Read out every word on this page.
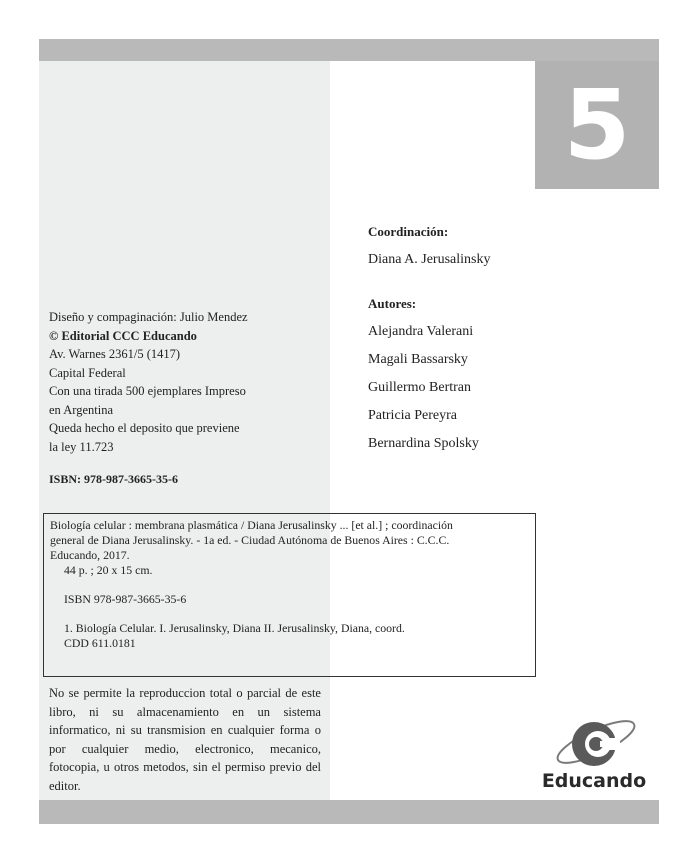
5
Coordinación:
Diana A. Jerusalinsky
Autores:
Alejandra Valerani
Magali Bassarsky
Guillermo Bertran
Patricia Pereyra
Bernardina Spolsky
Diseño y compaginación: Julio Mendez
© Editorial CCC Educando
Av. Warnes 2361/5 (1417)
Capital Federal
Con una tirada 500 ejemplares Impreso
en Argentina
Queda hecho el deposito que previene
la ley 11.723
ISBN: 978-987-3665-35-6
Biología celular : membrana plasmática / Diana Jerusalinsky ... [et al.] ; coordinación
general de Diana Jerusalinsky. - 1a ed. - Ciudad Autónoma de Buenos Aires : C.C.C.
Educando, 2017.
44 p. ; 20 x 15 cm.
ISBN 978-987-3665-35-6
1. Biología Celular. I. Jerusalinsky, Diana II. Jerusalinsky, Diana, coord.
CDD 611.0181
No se permite la reproduccion total o parcial de este libro, ni su almacenamiento en un sistema informatico, ni su transmision en cualquier forma o por cualquier medio, electronico, mecanico, fotocopia, u otros metodos, sin el permiso previo del editor.	Educando
